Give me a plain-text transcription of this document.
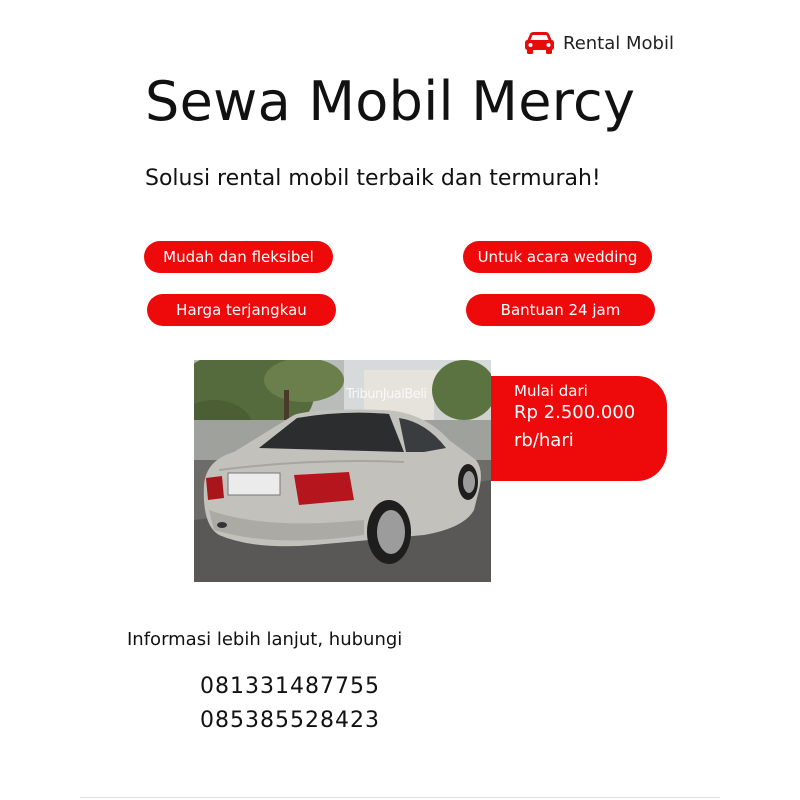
Rental Mobil
Sewa Mobil Mercy

Solusi rental mobil terbaik dan termurah!

Mudah dan fleksibel	Untuk acara wedding
Harga terjangkau	Bantuan 24 jam
TribunJualBeli	Mulai dari
Rp 2.500.000
rb/hari
Informasi lebih lanjut, hubungi
081331487755
085385528423
